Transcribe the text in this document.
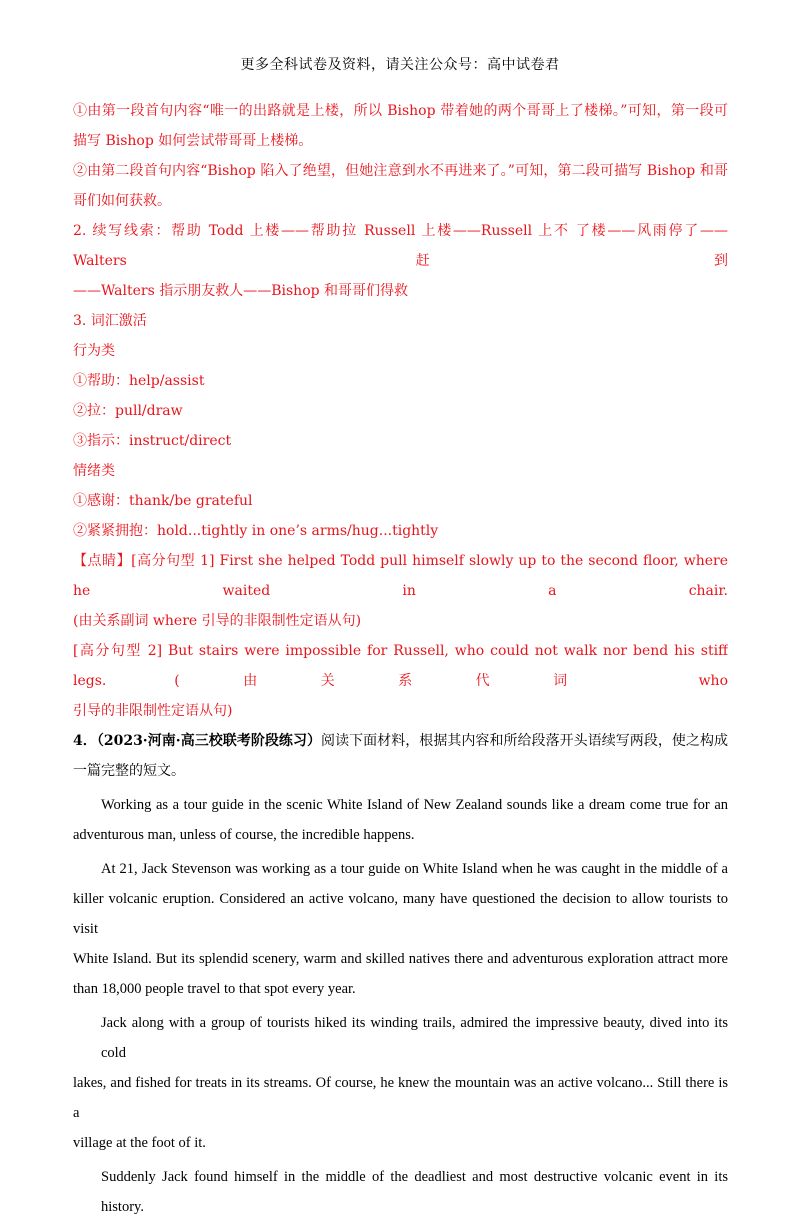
更多全科试卷及资料，请关注公众号：高中试卷君
①由第一段首句内容“唯一的出路就是上楼，所以 Bishop 带着她的两个哥哥上了楼梯。”可知，第一段可
描写 Bishop 如何尝试带哥哥上楼梯。
②由第二段首句内容“Bishop 陷入了绝望，但她注意到水不再进来了。”可知，第二段可描写 Bishop 和哥
哥们如何获救。
2. 续写线索：帮助 Todd 上楼——帮助拉 Russell 上楼——Russell 上不 了楼——风雨停了——Walters 赶到
——Walters 指示朋友救人——Bishop 和哥哥们得救
3. 词汇激活
行为类
①帮助：help/assist
②拉：pull/draw
③指示：instruct/direct
情绪类
①感谢：thank/be grateful
②紧紧拥抱：hold...tightly in one’s arms/hug...tightly
【点睛】[高分句型 1] First she helped Todd pull himself slowly up to the second floor, where he waited in a chair.
(由关系副词 where 引导的非限制性定语从句)
[高分句型 2] But stairs were impossible for Russell, who could not walk nor bend his stiff legs. (由关系代词 who
引导的非限制性定语从句)
4．（2023·河南·高三校联考阶段练习）阅读下面材料，根据其内容和所给段落开头语续写两段，使之构成
一篇完整的短文。
Working as a tour guide in the scenic White Island of New Zealand sounds like a dream come true for an
adventurous man, unless of course, the incredible happens.
At 21, Jack Stevenson was working as a tour guide on White Island when he was caught in the middle of a
killer volcanic eruption. Considered an active volcano, many have questioned the decision to allow tourists to visit
White Island. But its splendid scenery, warm and skilled natives there and adventurous exploration attract more
than 18,000 people travel to that spot every year.
Jack along with a group of tourists hiked its winding trails, admired the impressive beauty, dived into its cold
lakes, and fished for treats in its streams. Of course, he knew the mountain was an active volcano... Still there is a
village at the foot of it.
Suddenly Jack found himself in the middle of the deadliest and most destructive volcanic event in its history.
